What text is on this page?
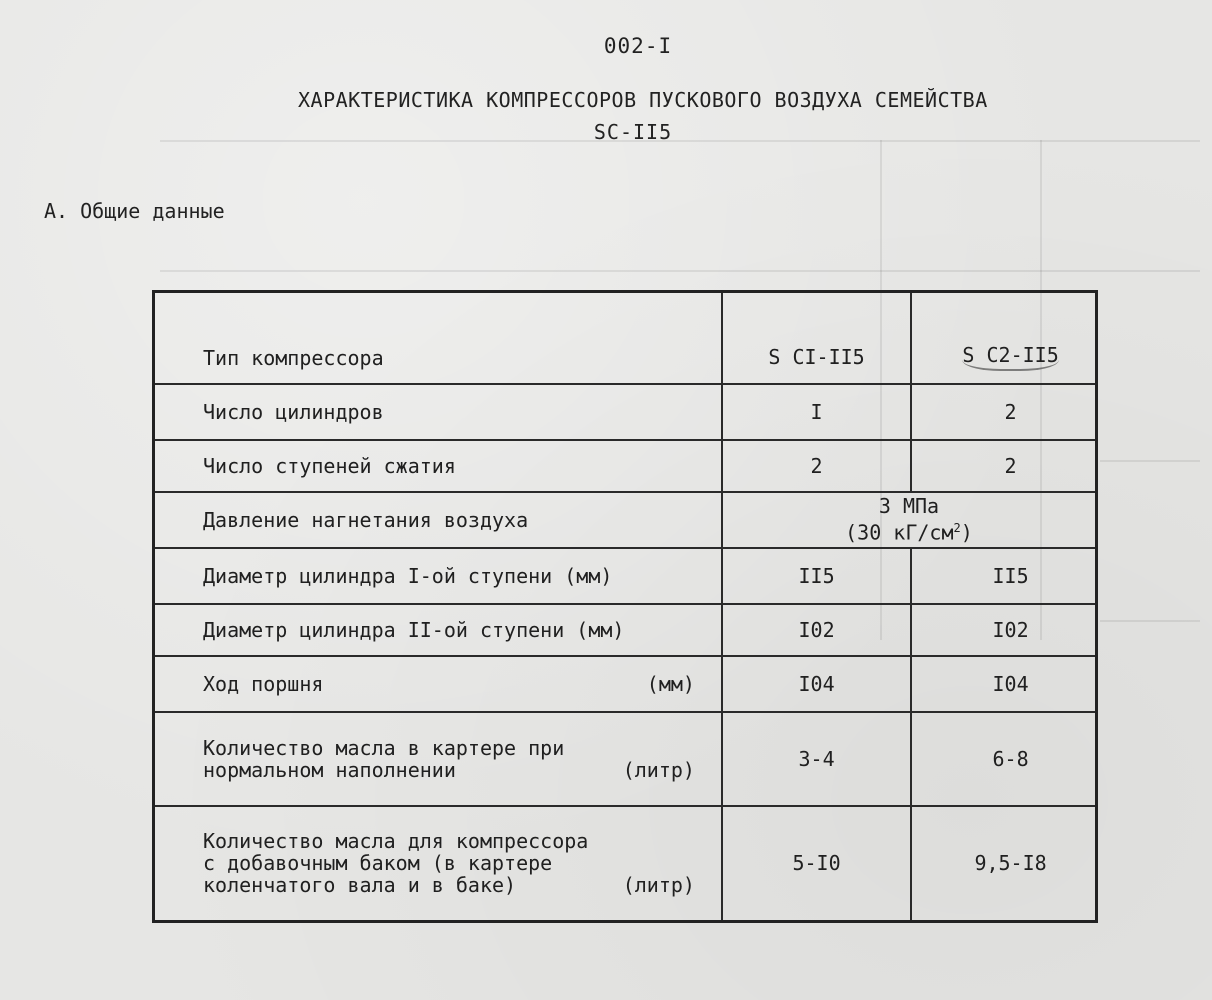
002-I
ХАРАКТЕРИСТИКА КОМПРЕССОРОВ ПУСКОВОГО ВОЗДУХА СЕМЕЙСТВА
SC-II5
А. Общие данные
Тип компрессора	S CI-II5	S C2-II5
Число цилиндров	I	2
Число ступеней сжатия	2	2
Давление нагнетания воздуха	3 МПа
(30 $кГ/см^2$)	

Диаметр цилиндра I-ой ступени (мм)	II5	II5
Диаметр цилиндра II-ой ступени (мм)	I02	I02

Ход поршня (мм)	I04	I04

Количество масла в картере при
нормальном наполнении (литр)	3-4	6-8

Количество масла для компрессора
с добавочным баком (в картере
коленчатого вала и в баке) (литр)	5-I0	9,5-I8
